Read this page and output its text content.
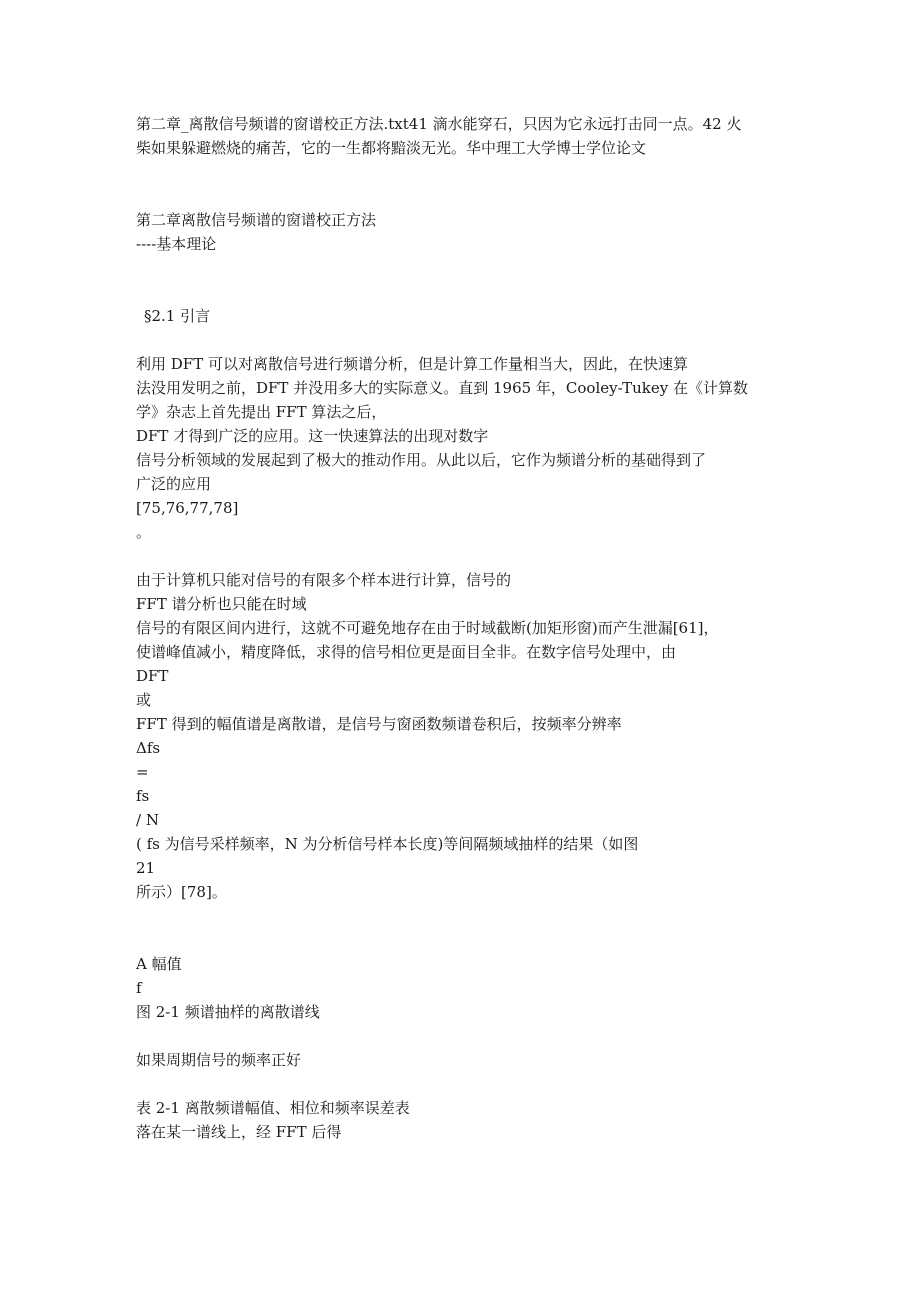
第二章_离散信号频谱的窗谱校正方法.txt41 滴水能穿石，只因为它永远打击同一点。42 火
柴如果躲避燃烧的痛苦，它的一生都将黯淡无光。华中理工大学博士学位论文
第二章离散信号频谱的窗谱校正方法
----基本理论
§2.1 引言
利用 DFT 可以对离散信号进行频谱分析，但是计算工作量相当大，因此，在快速算
法没用发明之前，DFT 并没用多大的实际意义。直到 1965 年，Cooley-Tukey 在《计算数
学》杂志上首先提出 FFT 算法之后，
DFT 才得到广泛的应用。这一快速算法的出现对数字
信号分析领域的发展起到了极大的推动作用。从此以后，它作为频谱分析的基础得到了
广泛的应用
[75,76,77,78]
。
由于计算机只能对信号的有限多个样本进行计算，信号的
FFT 谱分析也只能在时域
信号的有限区间内进行，这就不可避免地存在由于时域截断(加矩形窗)而产生泄漏[61]，
使谱峰值减小，精度降低，求得的信号相位更是面目全非。在数字信号处理中，由
DFT
或
FFT 得到的幅值谱是离散谱，是信号与窗函数频谱卷积后，按频率分辨率
Δfs
=
fs
/ N
( fs 为信号采样频率，N 为分析信号样本长度)等间隔频域抽样的结果（如图
21
所示）[78]。
A 幅值
f
图 2-1 频谱抽样的离散谱线
如果周期信号的频率正好
表 2-1 离散频谱幅值、相位和频率误差表
落在某一谱线上，经 FFT 后得
